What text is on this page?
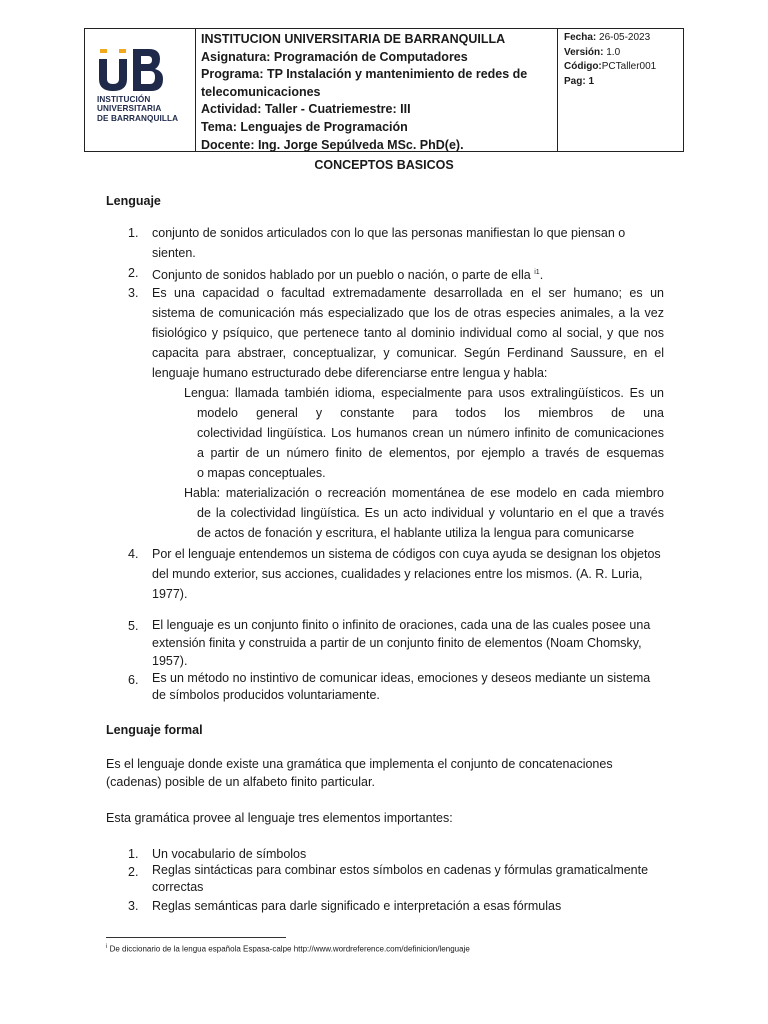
INSTITUCIÓN
UNIVERSITARIA
DE BARRANQUILLA
INSTITUCION UNIVERSITARIA DE BARRANQUILLA
Asignatura: Programación de Computadores
Programa: TP Instalación y mantenimiento de redes de
telecomunicaciones
Actividad: Taller - Cuatriemestre: III
Tema: Lenguajes de Programación
Docente: Ing. Jorge Sepúlveda MSc. PhD(e).
Fecha: 26-05-2023
Versión: 1.0
Código:PCTaller001
Pag: 1
CONCEPTOS BASICOS
Lenguaje
1. conjunto de sonidos articulados con lo que las personas manifiestan lo que piensan o
sienten.
2. Conjunto de sonidos hablado por un pueblo o nación, o parte de ella $^{i1}$.
3. Es una capacidad o facultad extremadamente desarrollada en el ser humano; es un
sistema de comunicación más especializado que los de otras especies animales, a la vez
fisiológico y psíquico, que pertenece tanto al dominio individual como al social, y que nos
capacita para abstraer, conceptualizar, y comunicar. Según Ferdinand Saussure, en el
lenguaje humano estructurado debe diferenciarse entre lengua y habla:
Lengua: llamada también idioma, especialmente para usos extralingüísticos. Es un
modelo general y constante para todos los miembros de una
colectividad lingüística. Los humanos crean un número infinito de comunicaciones
a partir de un número finito de elementos, por ejemplo a través de esquemas
o mapas conceptuales.
Habla: materialización o recreación momentánea de ese modelo en cada miembro
de la colectividad lingüística. Es un acto individual y voluntario en el que a través
de actos de fonación y escritura, el hablante utiliza la lengua para comunicarse
4. Por el lenguaje entendemos un sistema de códigos con cuya ayuda se designan los objetos
del mundo exterior, sus acciones, cualidades y relaciones entre los mismos. (A. R. Luria,
1977).
5. El lenguaje es un conjunto finito o infinito de oraciones, cada una de las cuales posee una
extensión finita y construida a partir de un conjunto finito de elementos (Noam Chomsky,
1957).
6. Es un método no instintivo de comunicar ideas, emociones y deseos mediante un sistema
de símbolos producidos voluntariamente.
Lenguaje formal
Es el lenguaje donde existe una gramática que implementa el conjunto de concatenaciones
(cadenas) posible de un alfabeto finito particular.
Esta gramática provee al lenguaje tres elementos importantes:
1. Un vocabulario de símbolos
2. Reglas sintácticas para combinar estos símbolos en cadenas y fórmulas gramaticalmente
correctas
3. Reglas semánticas para darle significado e interpretación a esas fórmulas
$^i$ De diccionario de la lengua española Espasa-calpe http://www.wordreference.com/definicion/lenguaje
